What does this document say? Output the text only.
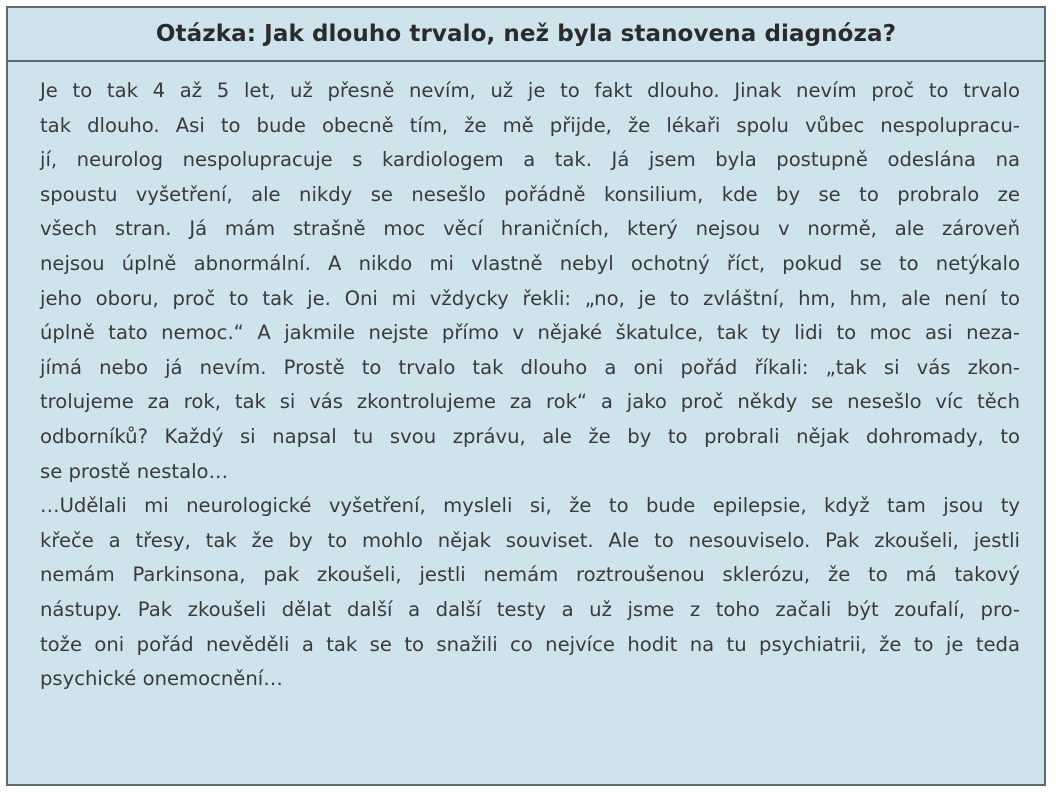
Otázka: Jak dlouho trvalo, než byla stanovena diagnóza?
Je to tak 4 až 5 let, už přesně nevím, už je to fakt dlouho. Jinak nevím proč to trvalo
tak dlouho. Asi to bude obecně tím, že mě přijde, že lékaři spolu vůbec nespolupracu-
jí, neurolog nespolupracuje s kardiologem a tak. Já jsem byla postupně odeslána na
spoustu vyšetření, ale nikdy se nesešlo pořádně konsilium, kde by se to probralo ze
všech stran. Já mám strašně moc věcí hraničních, který nejsou v normě, ale zároveň
nejsou úplně abnormální. A nikdo mi vlastně nebyl ochotný říct, pokud se to netýkalo
jeho oboru, proč to tak je. Oni mi vždycky řekli: „no, je to zvláštní, hm, hm, ale není to
úplně tato nemoc.“ A jakmile nejste přímo v nějaké škatulce, tak ty lidi to moc asi neza-
jímá nebo já nevím. Prostě to trvalo tak dlouho a oni pořád říkali: „tak si vás zkon-
trolujeme za rok, tak si vás zkontrolujeme za rok“ a jako proč někdy se nesešlo víc těch
odborníků? Každý si napsal tu svou zprávu, ale že by to probrali nějak dohromady, to
se prostě nestalo…
…Udělali mi neurologické vyšetření, mysleli si, že to bude epilepsie, když tam jsou ty
křeče a třesy, tak že by to mohlo nějak souviset. Ale to nesouviselo. Pak zkoušeli, jestli
nemám Parkinsona, pak zkoušeli, jestli nemám roztroušenou sklerózu, že to má takový
nástupy. Pak zkoušeli dělat další a další testy a už jsme z toho začali být zoufalí, pro-
tože oni pořád nevěděli a tak se to snažili co nejvíce hodit na tu psychiatrii, že to je teda
psychické onemocnění…
